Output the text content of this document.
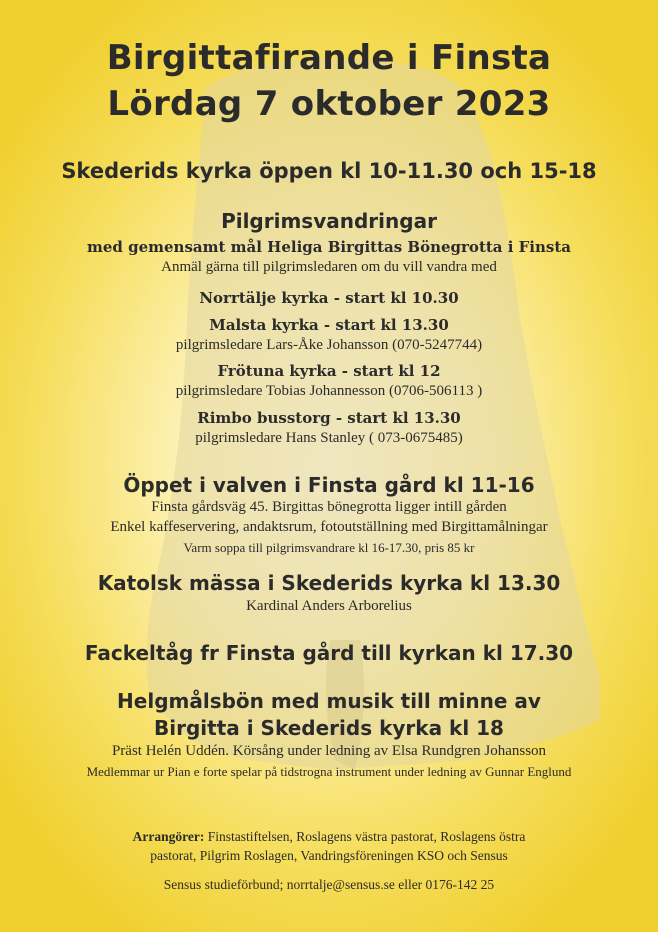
Birgittafirande i Finsta
Lördag 7 oktober 2023
Skederids kyrka öppen kl 10-11.30 och 15-18
Pilgrimsvandringar
med gemensamt mål Heliga Birgittas Bönegrotta i Finsta
Anmäl gärna till pilgrimsledaren om du vill vandra med
Norrtälje kyrka - start kl 10.30
Malsta kyrka - start kl 13.30
pilgrimsledare Lars-Åke Johansson (070-5247744)
Frötuna kyrka - start kl 12
pilgrimsledare Tobias Johannesson (0706-506113 )
Rimbo busstorg - start kl 13.30
pilgrimsledare Hans Stanley ( 073-0675485)
Öppet i valven i Finsta gård kl 11-16
Finsta gårdsväg 45. Birgittas bönegrotta ligger intill gården
Enkel kaffeservering, andaktsrum, fotoutställning med Birgittamålningar
Varm soppa till pilgrimsvandrare kl 16-17.30, pris 85 kr
Katolsk mässa i Skederids kyrka kl 13.30
Kardinal Anders Arborelius
Fackeltåg fr Finsta gård till kyrkan kl 17.30
Helgmålsbön med musik till minne av
Birgitta i Skederids kyrka kl 18
Präst Helén Uddén. Körsång under ledning av Elsa Rundgren Johansson
Medlemmar ur Pian e forte spelar på tidstrogna instrument under ledning av Gunnar Englund
Arrangörer: Finstastiftelsen, Roslagens västra pastorat, Roslagens östra
pastorat, Pilgrim Roslagen, Vandringsföreningen KSO och Sensus
Sensus studieförbund; norrtalje@sensus.se eller 0176-142 25
